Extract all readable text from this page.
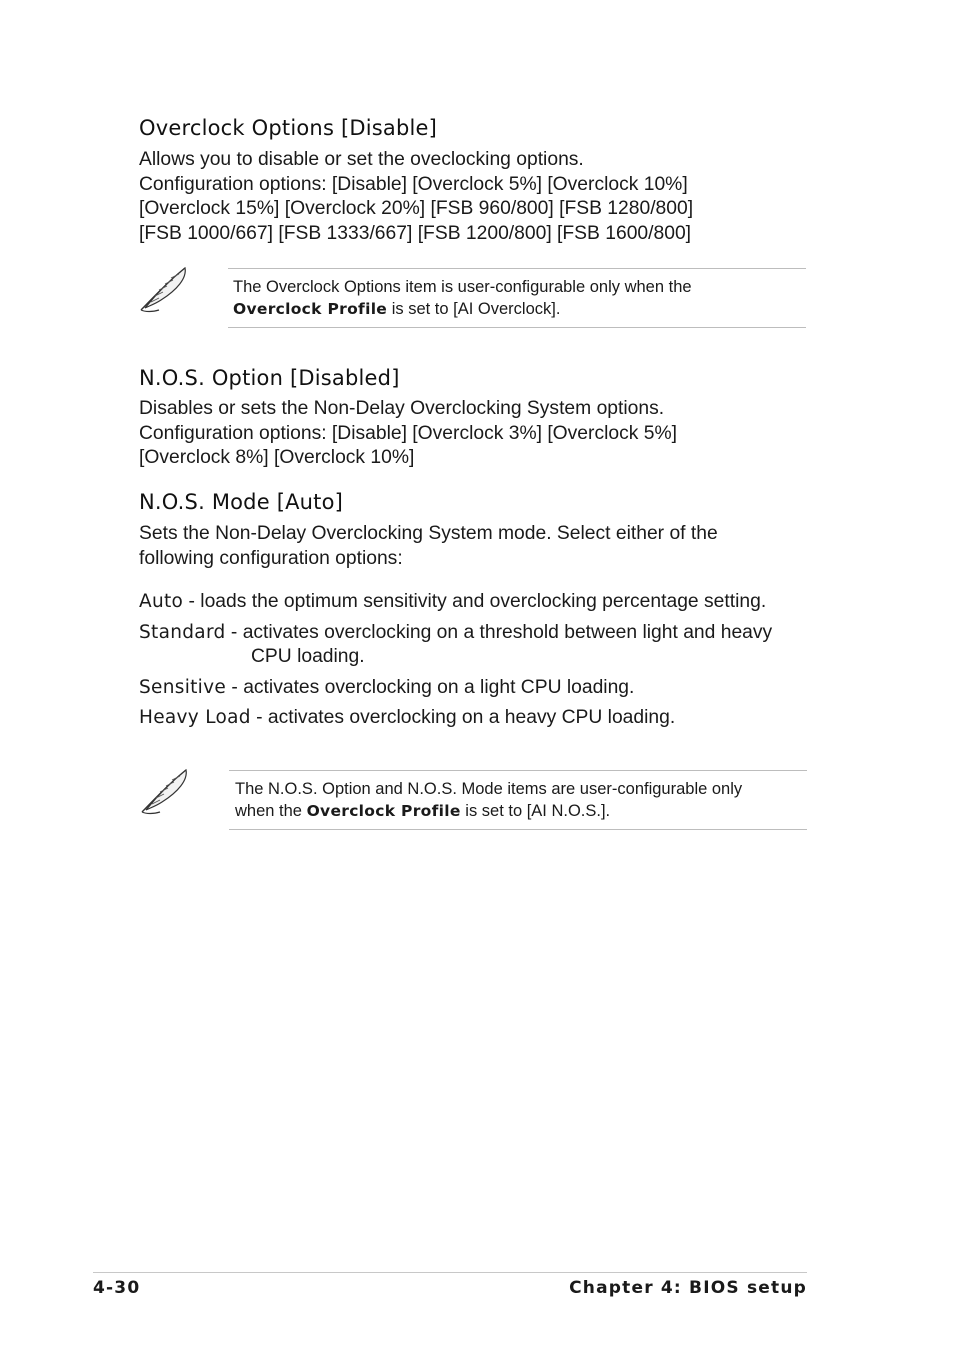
Overclock Options [Disable]

Allows you to disable or set the oveclocking options.

Configuration options: [Disable] [Overclock 5%] [Overclock 10%]

[Overclock 15%] [Overclock 20%] [FSB 960/800] [FSB 1280/800]

[FSB 1000/667] [FSB 1333/667] [FSB 1200/800] [FSB 1600/800]

The Overclock Options item is user-configurable only when the

Overclock Profile is set to [AI Overclock].

N.O.S. Option [Disabled]

Disables or sets the Non-Delay Overclocking System options.

Configuration options: [Disable] [Overclock 3%] [Overclock 5%]

[Overclock 8%] [Overclock 10%]

N.O.S. Mode [Auto]

Sets the Non-Delay Overclocking System mode. Select either of the

following configuration options:

Auto - loads the optimum sensitivity and overclocking percentage setting.
Standard - activates overclocking on a threshold between light and heavy
CPU loading.
Sensitive - activates overclocking on a light CPU loading.
Heavy Load - activates overclocking on a heavy CPU loading.

The N.O.S. Option and N.O.S. Mode items are user-configurable only

when the Overclock Profile is set to [AI N.O.S.].

4-30	Chapter 4: BIOS setup
